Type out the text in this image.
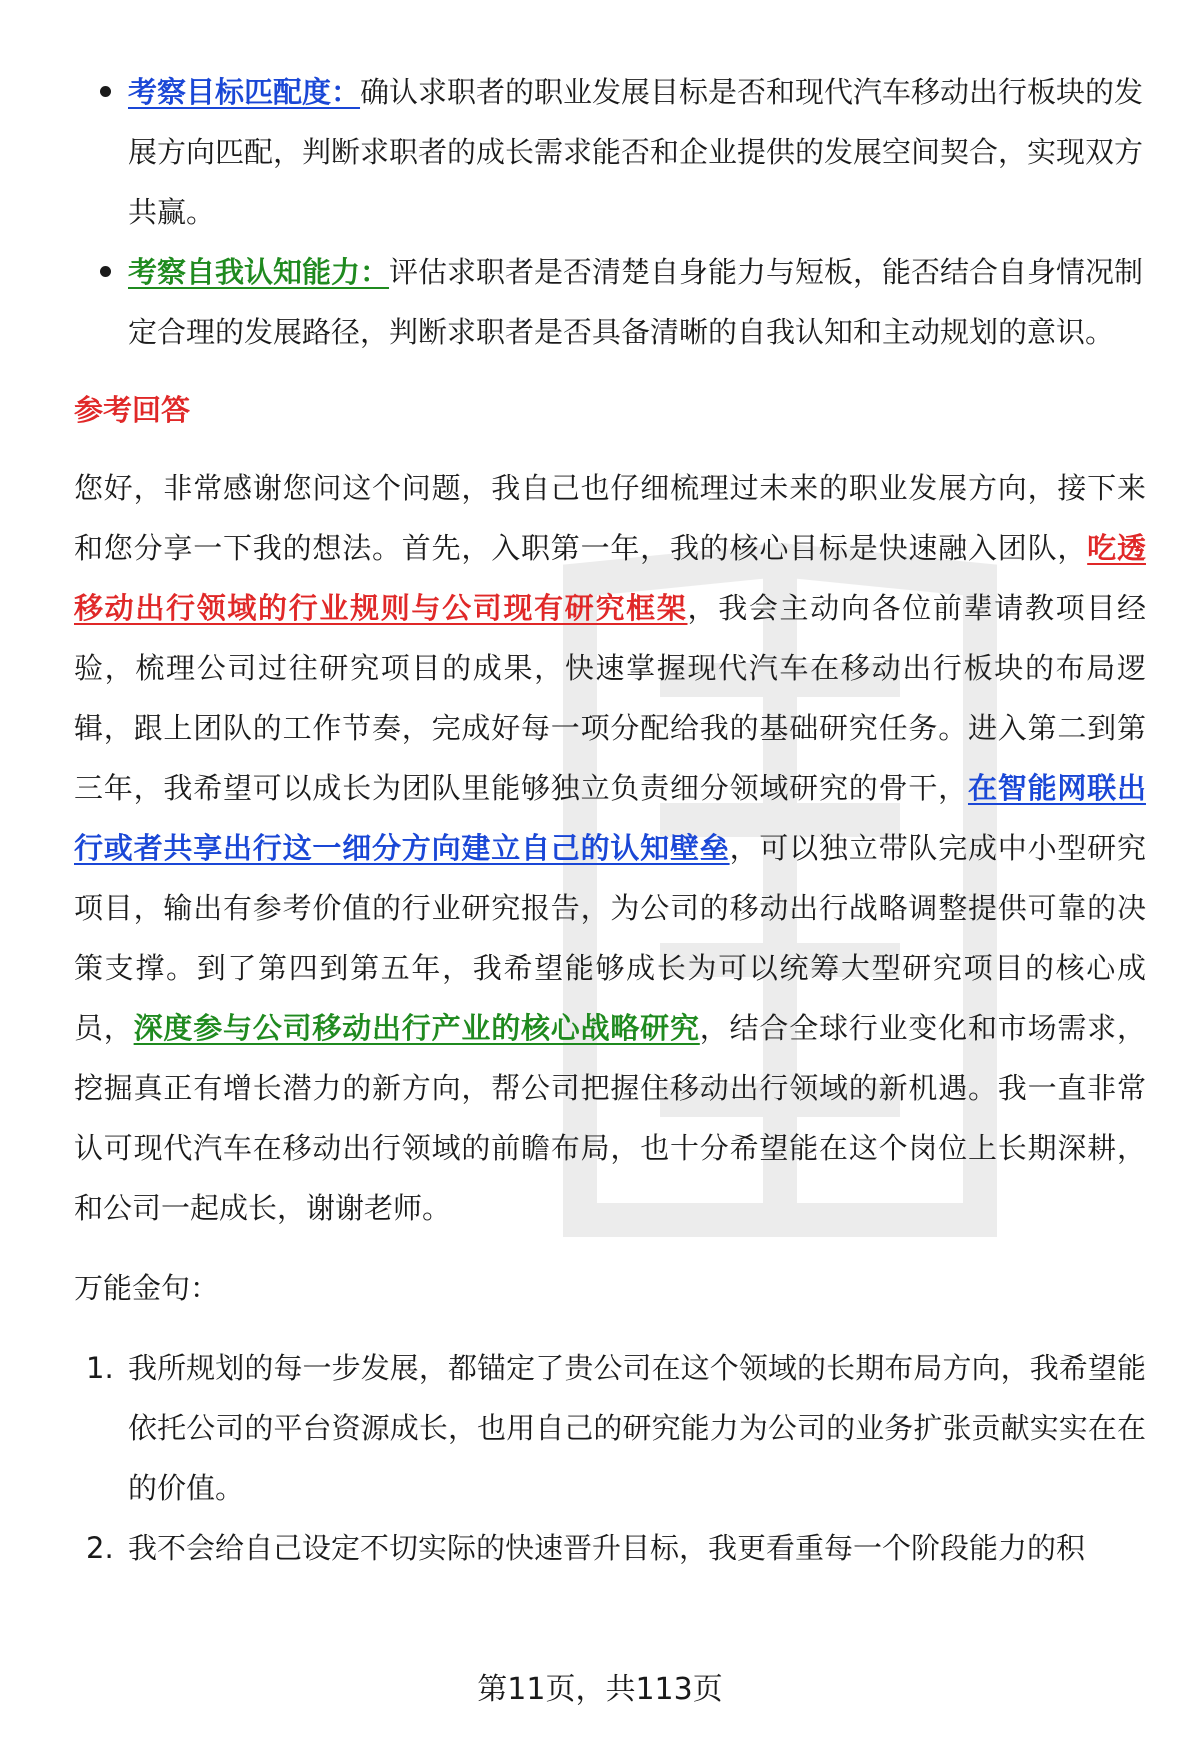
考察目标匹配度：确认求职者的职业发展目标是否和现代汽车移动出行板块的发展方向匹配，判断求职者的成长需求能否和企业提供的发展空间契合，实现双方共赢。
考察自我认知能力：评估求职者是否清楚自身能力与短板，能否结合自身情况制定合理的发展路径，判断求职者是否具备清晰的自我认知和主动规划的意识。
参考回答

您好，非常感谢您问这个问题，我自己也仔细梳理过未来的职业发展方向，接下来和您分享一下我的想法。首先，入职第一年，我的核心目标是快速融入团队，吃透移动出行领域的行业规则与公司现有研究框架，我会主动向各位前辈请教项目经验，梳理公司过往研究项目的成果，快速掌握现代汽车在移动出行板块的布局逻辑，跟上团队的工作节奏，完成好每一项分配给我的基础研究任务。进入第二到第三年，我希望可以成长为团队里能够独立负责细分领域研究的骨干，在智能网联出行或者共享出行这一细分方向建立自己的认知壁垒，可以独立带队完成中小型研究项目，输出有参考价值的行业研究报告，为公司的移动出行战略调整提供可靠的决策支撑。到了第四到第五年，我希望能够成长为可以统筹大型研究项目的核心成员，深度参与公司移动出行产业的核心战略研究，结合全球行业变化和市场需求，挖掘真正有增长潜力的新方向，帮公司把握住移动出行领域的新机遇。我一直非常认可现代汽车在移动出行领域的前瞻布局，也十分希望能在这个岗位上长期深耕，和公司一起成长，谢谢老师。

万能金句：
1. 我所规划的每一步发展，都锚定了贵公司在这个领域的长期布局方向，我希望能依托公司的平台资源成长，也用自己的研究能力为公司的业务扩张贡献实实在在的价值。
2. 我不会给自己设定不切实际的快速晋升目标，我更看重每一个阶段能力的积
第11页，共113页
